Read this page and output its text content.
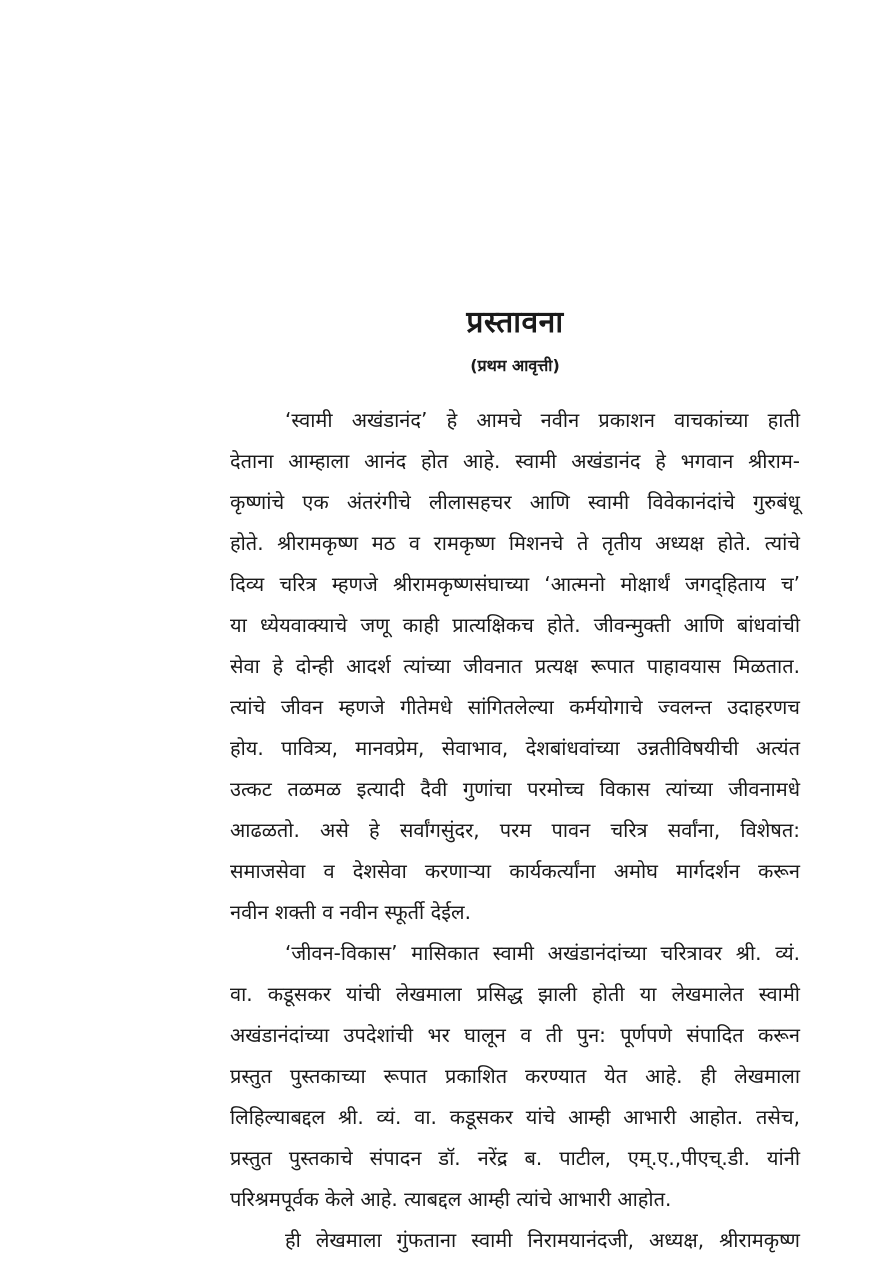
प्रस्तावना
(प्रथम आवृत्ती)
‘स्वामी अखंडानंद’ हे आमचे नवीन प्रकाशन वाचकांच्या हाती
देताना आम्हाला आनंद होत आहे. स्वामी अखंडानंद हे भगवान श्रीराम-
कृष्णांचे एक अंतरंगीचे लीलासहचर आणि स्वामी विवेकानंदांचे गुरुबंधू
होते. श्रीरामकृष्ण मठ व रामकृष्ण मिशनचे ते तृतीय अध्यक्ष होते. त्यांचे
दिव्य चरित्र म्हणजे श्रीरामकृष्णसंघाच्या ‘आत्मनो मोक्षार्थं जगद्‌हिताय च’
या ध्येयवाक्याचे जणू काही प्रात्यक्षिकच होते. जीवन्मुक्ती आणि बांधवांची
सेवा हे दोन्ही आदर्श त्यांच्या जीवनात प्रत्यक्ष रूपात पाहावयास मिळतात.
त्यांचे जीवन म्हणजे गीतेमधे सांगितलेल्या कर्मयोगाचे ज्वलन्त उदाहरणच
होय. पावित्र्य, मानवप्रेम, सेवाभाव, देशबांधवांच्या उन्नतीविषयीची अत्यंत
उत्कट तळमळ इत्यादी दैवी गुणांचा परमोच्च विकास त्यांच्या जीवनामधे
आढळतो. असे हे सर्वांगसुंदर, परम पावन चरित्र सर्वांना, विशेषत:
समाजसेवा व देशसेवा करणाऱ्या कार्यकर्त्यांना अमोघ मार्गदर्शन करून
नवीन शक्ती व नवीन स्फूर्ती देईल.
‘जीवन-विकास’ मासिकात स्वामी अखंडानंदांच्या चरित्रावर श्री. व्यं.
वा. कडूसकर यांची लेखमाला प्रसिद्ध झाली होती या लेखमालेत स्वामी
अखंडानंदांच्या उपदेशांची भर घालून व ती पुन: पूर्णपणे संपादित करून
प्रस्तुत पुस्तकाच्या रूपात प्रकाशित करण्यात येत आहे. ही लेखमाला
लिहिल्याबद्दल श्री. व्यं. वा. कडूसकर यांचे आम्ही आभारी आहोत. तसेच,
प्रस्तुत पुस्तकाचे संपादन डॉ. नरेंद्र ब. पाटील, एम्.ए.,पीएच्.डी. यांनी
परिश्रमपूर्वक केले आहे. त्याबद्दल आम्ही त्यांचे आभारी आहोत.
ही लेखमाला गुंफताना स्वामी निरामयानंदजी, अध्यक्ष, श्रीरामकृष्ण
